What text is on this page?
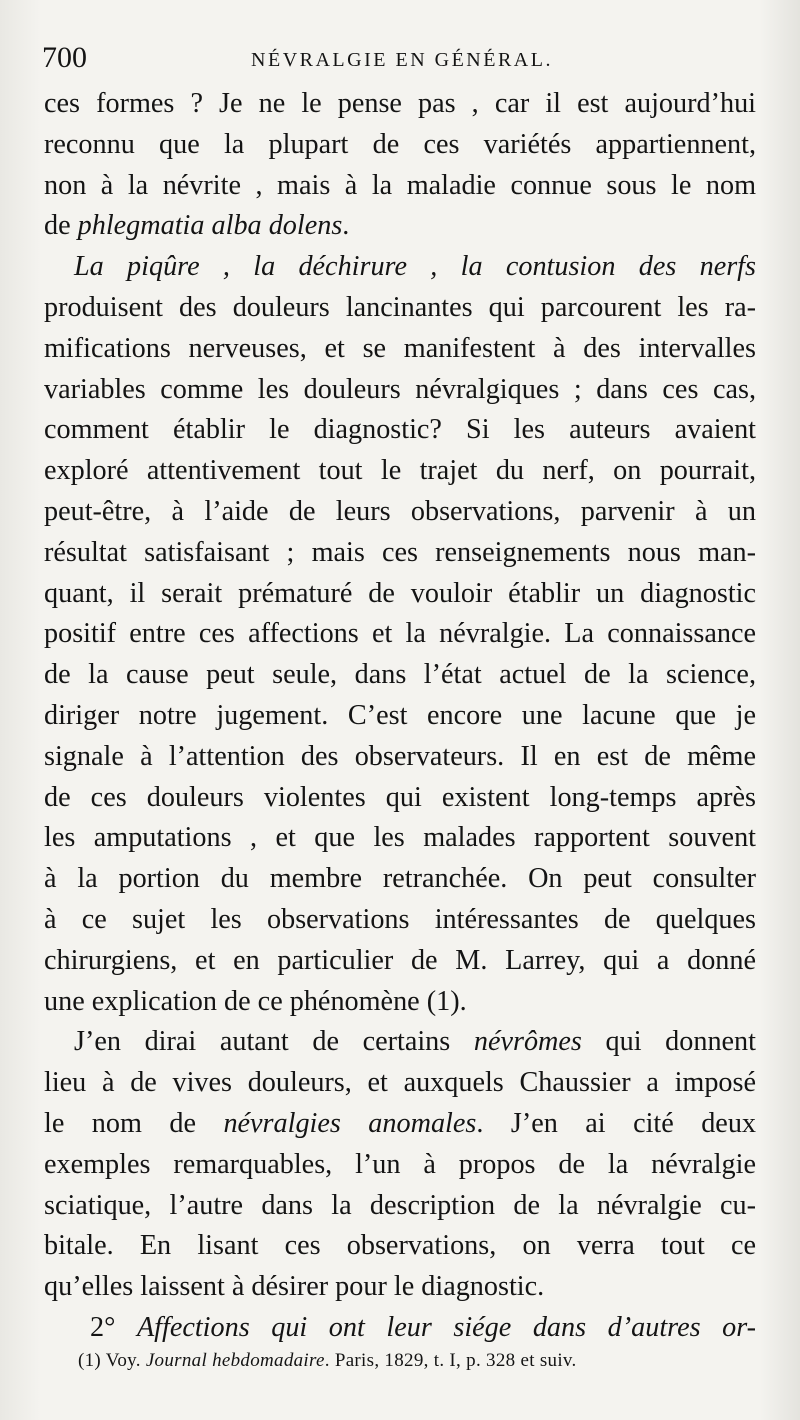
700	NÉVRALGIE EN GÉNÉRAL.
ces formes ? Je ne le pense pas , car il est aujourd’hui
reconnu que la plupart de ces variétés appartiennent,
non à la névrite , mais à la maladie connue sous le nom
de phlegmatia alba dolens.
La piqûre , la déchirure , la contusion des nerfs
produisent des douleurs lancinantes qui parcourent les ra-
mifications nerveuses, et se manifestent à des intervalles
variables comme les douleurs névralgiques ; dans ces cas,
comment établir le diagnostic? Si les auteurs avaient
exploré attentivement tout le trajet du nerf, on pourrait,
peut-être, à l’aide de leurs observations, parvenir à un
résultat satisfaisant ; mais ces renseignements nous man-
quant, il serait prématuré de vouloir établir un diagnostic
positif entre ces affections et la névralgie. La connaissance
de la cause peut seule, dans l’état actuel de la science,
diriger notre jugement. C’est encore une lacune que je
signale à l’attention des observateurs. Il en est de même
de ces douleurs violentes qui existent long-temps après
les amputations , et que les malades rapportent souvent
à la portion du membre retranchée. On peut consulter
à ce sujet les observations intéressantes de quelques
chirurgiens, et en particulier de M. Larrey, qui a donné
une explication de ce phénomène (1).
J’en dirai autant de certains névrômes qui donnent
lieu à de vives douleurs, et auxquels Chaussier a imposé
le nom de névralgies anomales. J’en ai cité deux
exemples remarquables, l’un à propos de la névralgie
sciatique, l’autre dans la description de la névralgie cu-
bitale. En lisant ces observations, on verra tout ce
qu’elles laissent à désirer pour le diagnostic.
2° Affections qui ont leur siége dans d’autres or-
(1) Voy. Journal hebdomadaire. Paris, 1829, t. I, p. 328 et suiv.
